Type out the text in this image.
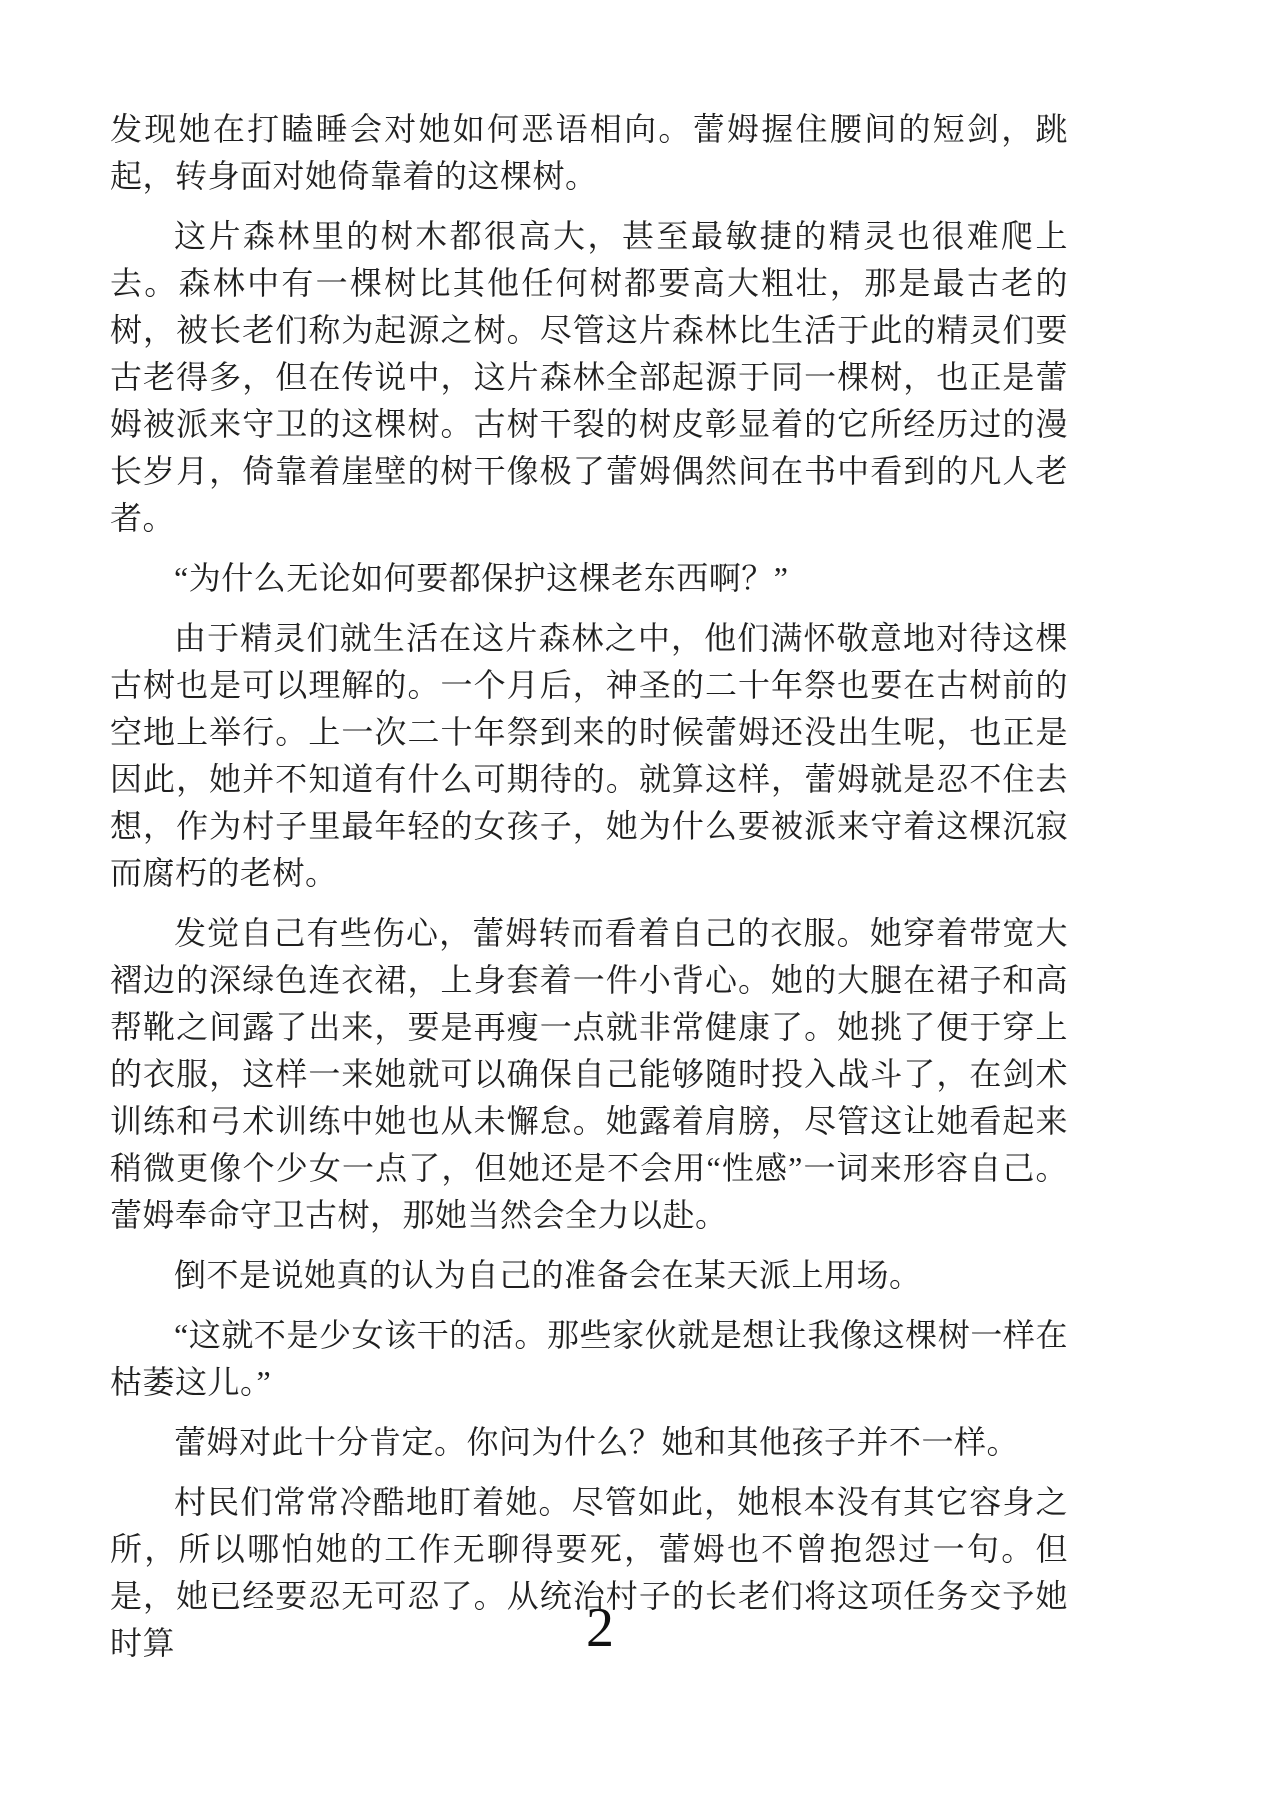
发现她在打瞌睡会对她如何恶语相向。蕾姆握住腰间的短剑，跳起，转身面对她倚靠着的这棵树。

这片森林里的树木都很高大，甚至最敏捷的精灵也很难爬上去。森林中有一棵树比其他任何树都要高大粗壮，那是最古老的树，被长老们称为起源之树。尽管这片森林比生活于此的精灵们要古老得多，但在传说中，这片森林全部起源于同一棵树，也正是蕾姆被派来守卫的这棵树。古树干裂的树皮彰显着的它所经历过的漫长岁月，倚靠着崖壁的树干像极了蕾姆偶然间在书中看到的凡人老者。

“为什么无论如何要都保护这棵老东西啊？”

由于精灵们就生活在这片森林之中，他们满怀敬意地对待这棵古树也是可以理解的。一个月后，神圣的二十年祭也要在古树前的空地上举行。上一次二十年祭到来的时候蕾姆还没出生呢，也正是因此，她并不知道有什么可期待的。就算这样，蕾姆就是忍不住去想，作为村子里最年轻的女孩子，她为什么要被派来守着这棵沉寂而腐朽的老树。

发觉自己有些伤心，蕾姆转而看着自己的衣服。她穿着带宽大褶边的深绿色连衣裙，上身套着一件小背心。她的大腿在裙子和高帮靴之间露了出来，要是再瘦一点就非常健康了。她挑了便于穿上的衣服，这样一来她就可以确保自己能够随时投入战斗了，在剑术训练和弓术训练中她也从未懈怠。她露着肩膀，尽管这让她看起来稍微更像个少女一点了，但她还是不会用“性感”一词来形容自己。蕾姆奉命守卫古树，那她当然会全力以赴。

倒不是说她真的认为自己的准备会在某天派上用场。

“这就不是少女该干的活。那些家伙就是想让我像这棵树一样在枯萎这儿。”

蕾姆对此十分肯定。你问为什么？她和其他孩子并不一样。

村民们常常冷酷地盯着她。尽管如此，她根本没有其它容身之所，所以哪怕她的工作无聊得要死，蕾姆也不曾抱怨过一句。但是，她已经要忍无可忍了。从统治村子的长老们将这项任务交予她时算	2
